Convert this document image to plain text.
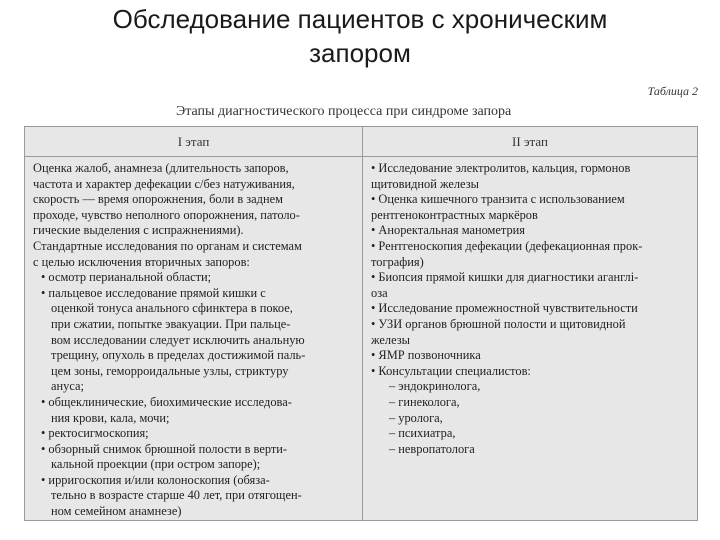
Обследование пациентов с хроническим
запором
Таблица 2
Этапы диагностического процесса при синдроме запора
I этап	II этап

Оценка жалоб, анамнеза (длительность запоров,

частота и характер дефекации с/без натуживания,

скорость — время опорожнения, боли в заднем

проходе, чувство неполного опорожнения, патоло-

гические выделения с испражнениями).

Стандартные исследования по органам и системам

с целью исключения вторичных запоров:

• осмотр перианальной области;

• пальцевое исследование прямой кишки с

оценкой тонуса анального сфинктера в покое,

при сжатии, попытке эвакуации. При пальце-

вом исследовании следует исключить анальную

трещину, опухоль в пределах достижимой паль-

цем зоны, геморроидальные узлы, стриктуру

ануса;

• общеклинические, биохимические исследова-

ния крови, кала, мочи;

• ректосигмоскопия;

• обзорный снимок брюшной полости в верти-

кальной проекции (при остром запоре);

• ирригоскопия и/или колоноскопия (обяза-

тельно в возрасте старше 40 лет, при отягощен-

ном семейном анамнезе)

• Исследование электролитов, кальция, гормонов

щитовидной железы

• Оценка кишечного транзита с использованием

рентгеноконтрастных маркёров

• Аноректальная манометрия

• Рентгеноскопия дефекации (дефекационная прок-

тография)

• Биопсия прямой кишки для диагностики аганглі-

оза

• Исследование промежностной чувствительности

• УЗИ органов брюшной полости и щитовидной

железы

• ЯМР позвоночника

• Консультации специалистов:

– эндокринолога,

– гинеколога,

– уролога,

– психиатра,

– невропатолога
